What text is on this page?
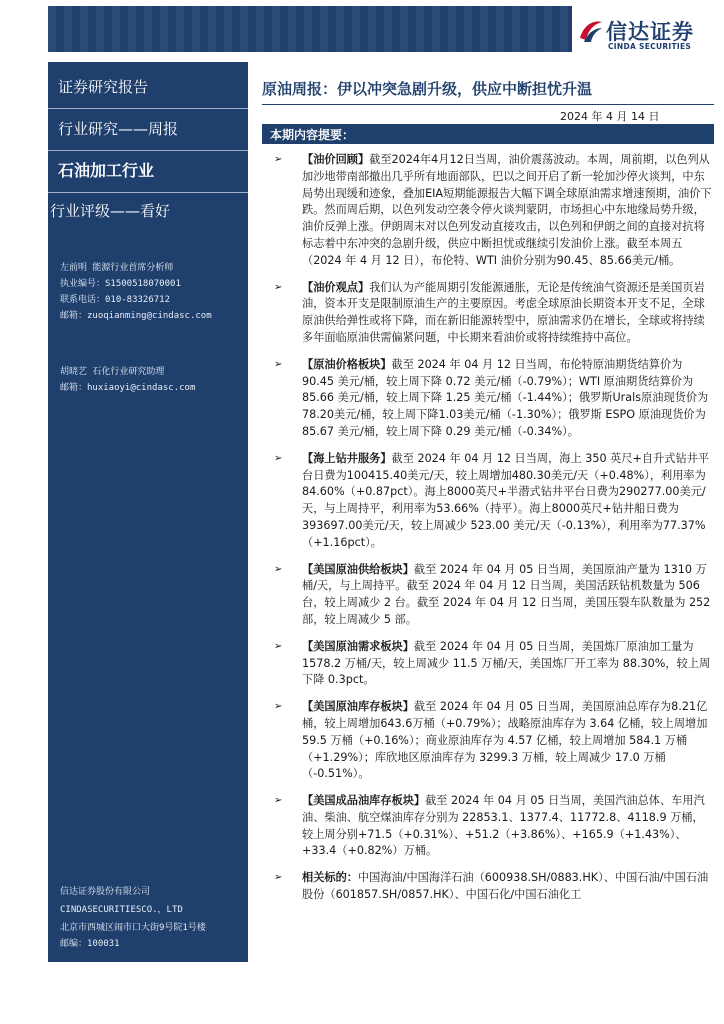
信达证券
CINDA SECURITIES
证券研究报告
行业研究——周报
石油加工行业
行业评级——看好
左前明 能源行业首席分析师
执业编号：S1500518070001
联系电话：010-83326712
邮箱：zuoqianming@cindasc.com
胡晓艺 石化行业研究助理
邮箱：huxiaoyi@cindasc.com
信达证券股份有限公司
CINDASECURITIESCO.，LTD
北京市西城区闹市口大街9号院1号楼
邮编：100031
原油周报：伊以冲突急剧升级，供应中断担忧升温
2024 年 4 月 14 日
本期内容提要：
➢ 【油价回顾】截至2024年4月12日当周，油价震荡波动。本周，周前期，以色列从加沙地带南部撤出几乎所有地面部队，巴以之间开启了新一轮加沙停火谈判，中东局势出现缓和迹象，叠加EIA短期能源报告大幅下调全球原油需求增速预期，油价下跌。然而周后期，以色列发动空袭令停火谈判蒙阴，市场担心中东地缘局势升级，油价反弹上涨。伊朗周末对以色列发动直接攻击，以色列和伊朗之间的直接对抗将标志着中东冲突的急剧升级，供应中断担忧或继续引发油价上涨。截至本周五（2024 年 4 月 12 日），布伦特、WTI 油价分别为90.45、85.66美元/桶。
➢ 【油价观点】我们认为产能周期引发能源通胀，无论是传统油气资源还是美国页岩油，资本开支是限制原油生产的主要原因。考虑全球原油长期资本开支不足，全球原油供给弹性或将下降，而在新旧能源转型中，原油需求仍在增长，全球或将持续多年面临原油供需偏紧问题，中长期来看油价或将持续维持中高位。
➢ 【原油价格板块】截至 2024 年 04 月 12 日当周，布伦特原油期货结算价为 90.45 美元/桶，较上周下降 0.72 美元/桶（-0.79%）；WTI 原油期货结算价为 85.66 美元/桶，较上周下降 1.25 美元/桶（-1.44%）；俄罗斯Urals原油现货价为78.20美元/桶，较上周下降1.03美元/桶（-1.30%）；俄罗斯 ESPO 原油现货价为 85.67 美元/桶，较上周下降 0.29 美元/桶（-0.34%）。
➢ 【海上钻井服务】截至 2024 年 04 月 12 日当周，海上 350 英尺+自升式钻井平台日费为100415.40美元/天，较上周增加480.30美元/天（+0.48%），利用率为84.60%（+0.87pct）。海上8000英尺+半潜式钻井平台日费为290277.00美元/天，与上周持平，利用率为53.66%（持平）。海上8000英尺+钻井船日费为393697.00美元/天，较上周减少 523.00 美元/天（-0.13%），利用率为77.37%（+1.16pct）。
➢ 【美国原油供给板块】截至 2024 年 04 月 05 日当周，美国原油产量为 1310 万桶/天，与上周持平。截至 2024 年 04 月 12 日当周，美国活跃钻机数量为 506 台，较上周减少 2 台。截至 2024 年 04 月 12 日当周，美国压裂车队数量为 252 部，较上周减少 5 部。
➢ 【美国原油需求板块】截至 2024 年 04 月 05 日当周，美国炼厂原油加工量为 1578.2 万桶/天，较上周减少 11.5 万桶/天，美国炼厂开工率为 88.30%，较上周下降 0.3pct。
➢ 【美国原油库存板块】截至 2024 年 04 月 05 日当周，美国原油总库存为8.21亿桶，较上周增加643.6万桶（+0.79%）；战略原油库存为 3.64 亿桶，较上周增加 59.5 万桶（+0.16%）；商业原油库存为 4.57 亿桶，较上周增加 584.1 万桶（+1.29%）；库欣地区原油库存为 3299.3 万桶，较上周减少 17.0 万桶（-0.51%）。
➢ 【美国成品油库存板块】截至 2024 年 04 月 05 日当周，美国汽油总体、车用汽油、柴油、航空煤油库存分别为 22853.1、1377.4、11772.8、4118.9 万桶，较上周分别+71.5（+0.31%）、+51.2（+3.86%）、+165.9（+1.43%）、+33.4（+0.82%）万桶。
➢ 相关标的：中国海油/中国海洋石油（600938.SH/0883.HK）、中国石油/中国石油股份（601857.SH/0857.HK）、中国石化/中国石油化工
